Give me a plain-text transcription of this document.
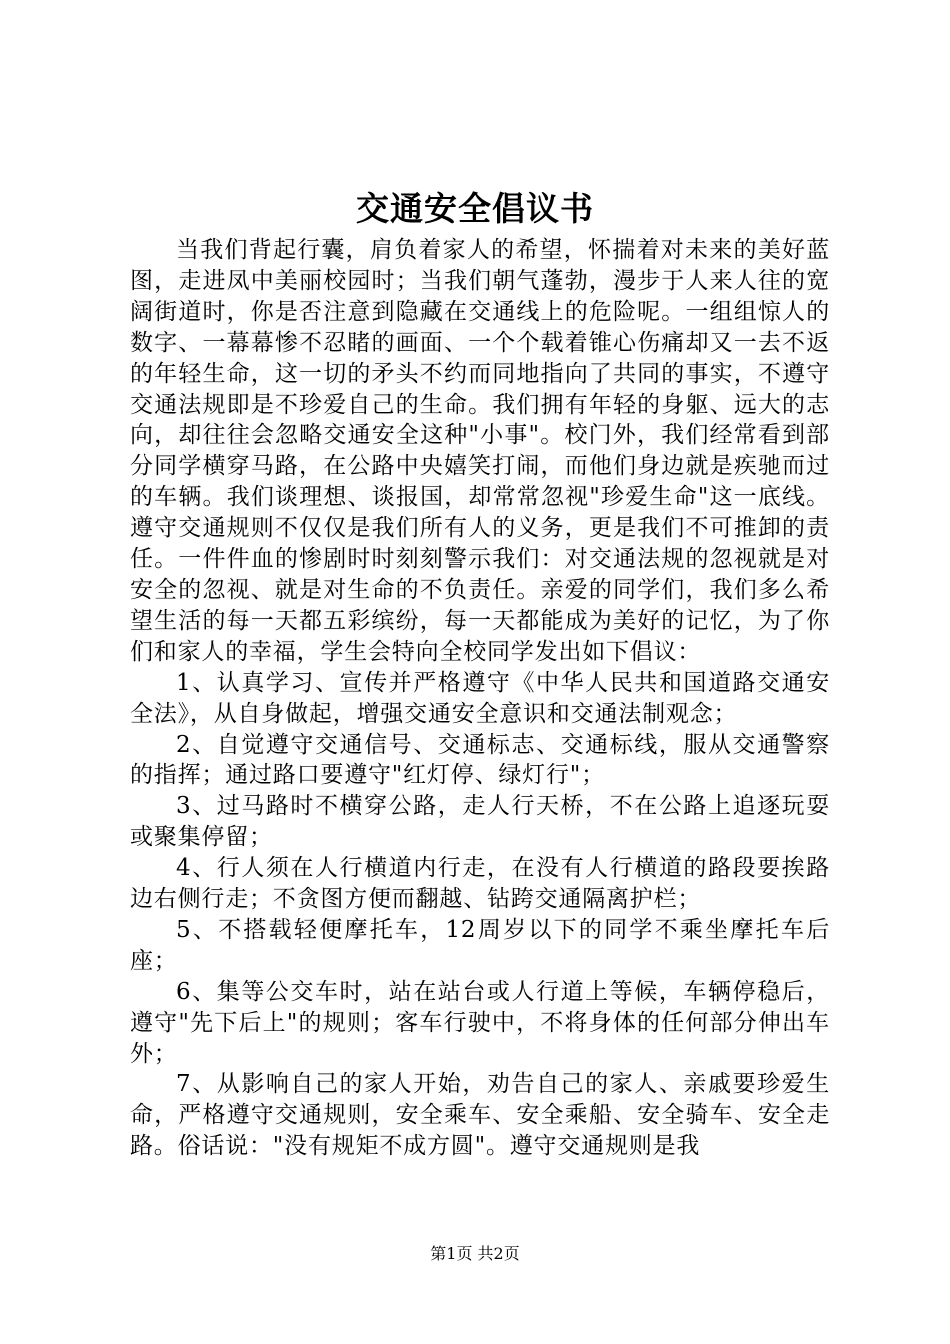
交通安全倡议书

当我们背起行囊，肩负着家人的希望，怀揣着对未来的美好蓝图，走进凤中美丽校园时；当我们朝气蓬勃，漫步于人来人往的宽阔街道时，你是否注意到隐藏在交通线上的危险呢。一组组惊人的数字、一幕幕惨不忍睹的画面、一个个载着锥心伤痛却又一去不返的年轻生命，这一切的矛头不约而同地指向了共同的事实，不遵守交通法规即是不珍爱自己的生命。我们拥有年轻的身躯、远大的志向，却往往会忽略交通安全这种"小事"。校门外，我们经常看到部分同学横穿马路，在公路中央嬉笑打闹，而他们身边就是疾驰而过的车辆。我们谈理想、谈报国，却常常忽视"珍爱生命"这一底线。遵守交通规则不仅仅是我们所有人的义务，更是我们不可推卸的责任。一件件血的惨剧时时刻刻警示我们：对交通法规的忽视就是对安全的忽视、就是对生命的不负责任。亲爱的同学们，我们多么希望生活的每一天都五彩缤纷，每一天都能成为美好的记忆，为了你们和家人的幸福，学生会特向全校同学发出如下倡议：

1、认真学习、宣传并严格遵守《中华人民共和国道路交通安全法》，从自身做起，增强交通安全意识和交通法制观念；

2、自觉遵守交通信号、交通标志、交通标线，服从交通警察的指挥；通过路口要遵守"红灯停、绿灯行"；

3、过马路时不横穿公路，走人行天桥，不在公路上追逐玩耍或聚集停留；

4、行人须在人行横道内行走，在没有人行横道的路段要挨路边右侧行走；不贪图方便而翻越、钻跨交通隔离护栏；

5、不搭载轻便摩托车，12周岁以下的同学不乘坐摩托车后座；

6、集等公交车时，站在站台或人行道上等候，车辆停稳后，遵守"先下后上"的规则；客车行驶中，不将身体的任何部分伸出车外；

7、从影响自己的家人开始，劝告自己的家人、亲戚要珍爱生命，严格遵守交通规则，安全乘车、安全乘船、安全骑车、安全走路。俗话说："没有规矩不成方圆"。遵守交通规则是我

第1页 共2页
